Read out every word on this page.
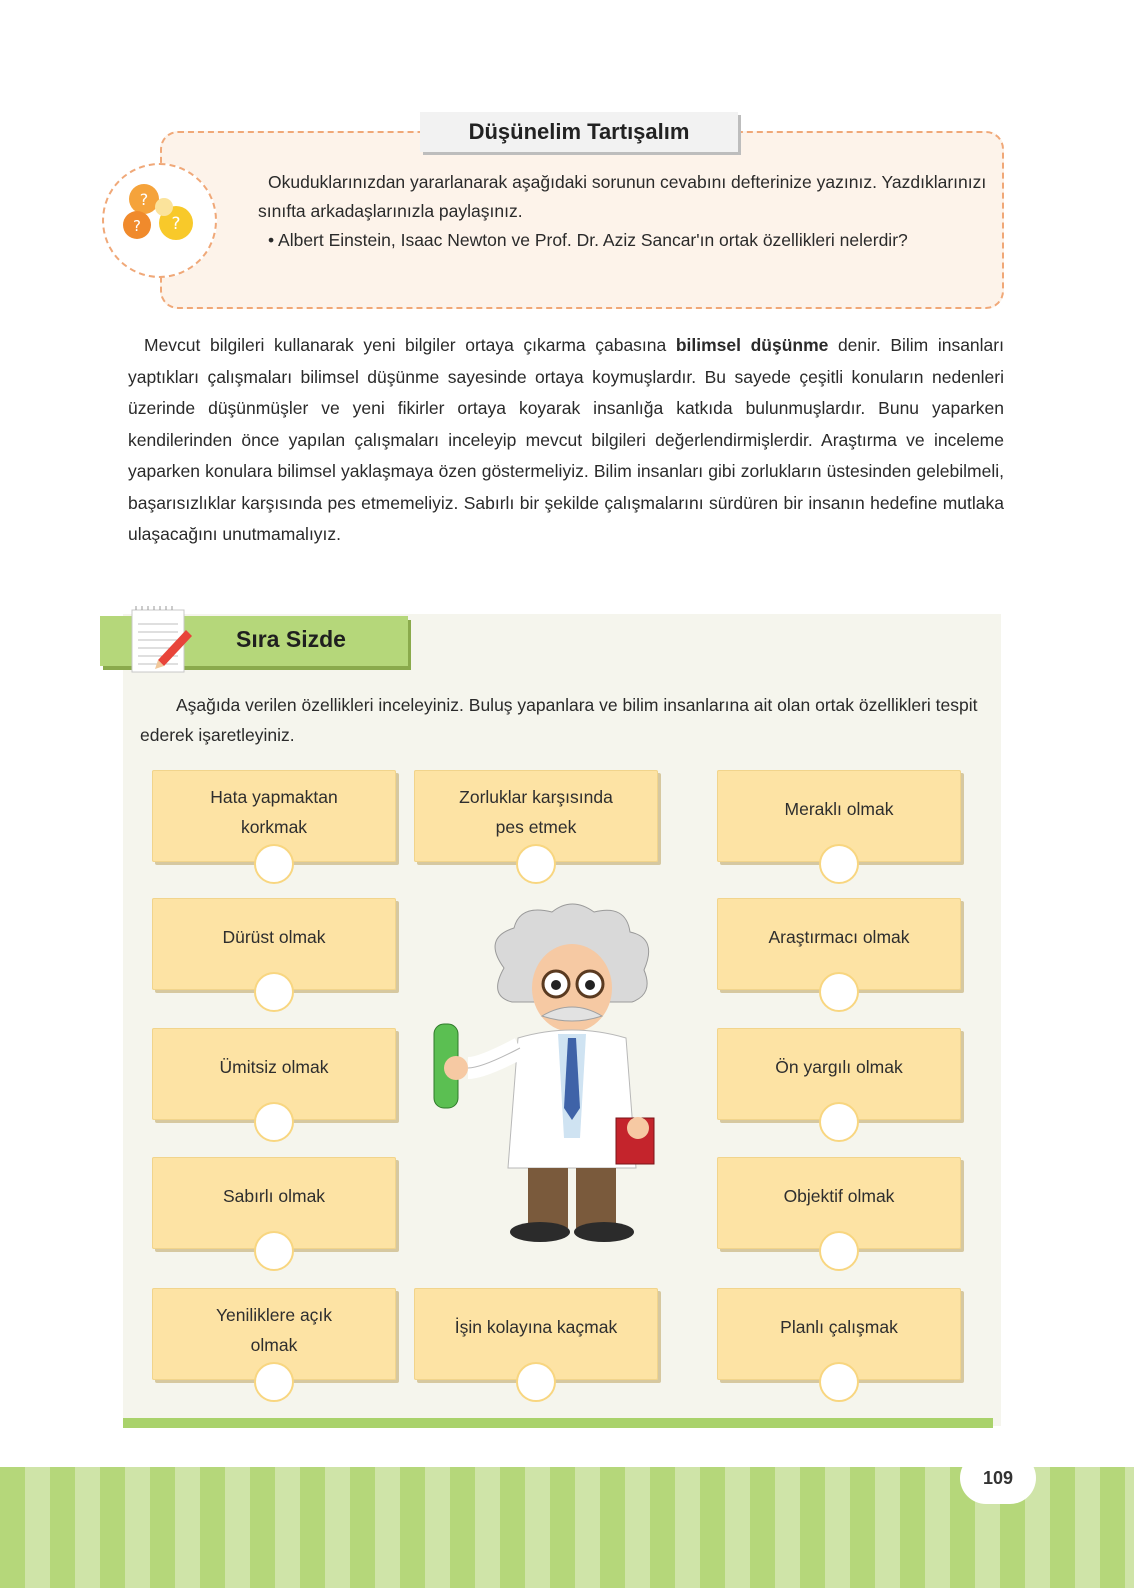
?
? ?
Düşünelim Tartışalım

Okuduklarınızdan yararlanarak aşağıdaki sorunun cevabını defterinize yazınız. Yazdıklarınızı sınıfta arkadaşlarınızla paylaşınız.

• Albert Einstein, Isaac Newton ve Prof. Dr. Aziz Sancar'ın ortak özellikleri nelerdir?

Mevcut bilgileri kullanarak yeni bilgiler ortaya çıkarma çabasına bilimsel düşünme denir. Bilim insanları yaptıkları çalışmaları bilimsel düşünme sayesinde ortaya koymuşlardır. Bu sayede çeşitli konuların nedenleri üzerinde düşünmüşler ve yeni fikirler ortaya koyarak insanlığa katkıda bulunmuşlardır. Bunu yaparken kendilerinden önce yapılan çalışmaları inceleyip mevcut bilgileri değerlendirmişlerdir. Araştırma ve inceleme yaparken konulara bilimsel yaklaşmaya özen göstermeliyiz. Bilim insanları gibi zorlukların üstesinden gelebilmeli, başarısızlıklar karşısında pes etmemeliyiz. Sabırlı bir şekilde çalışmalarını sürdüren bir insanın hedefine mutlaka ulaşacağını unutmamalıyız.

Sıra Sizde

Aşağıda verilen özellikleri inceleyiniz. Buluş yapanlara ve bilim insanlarına ait olan ortak özellikleri tespit ederek işaretleyiniz.

Hata yapmaktan
korkmak
Zorluklar karşısında
pes etmek
Meraklı olmak
Dürüst olmak	Araştırmacı olmak
Ümitsiz olmak	Ön yargılı olmak
Sabırlı olmak	Objektif olmak
Yeniliklere açık
olmak
İşin kolayına kaçmak	Planlı çalışmak
109
